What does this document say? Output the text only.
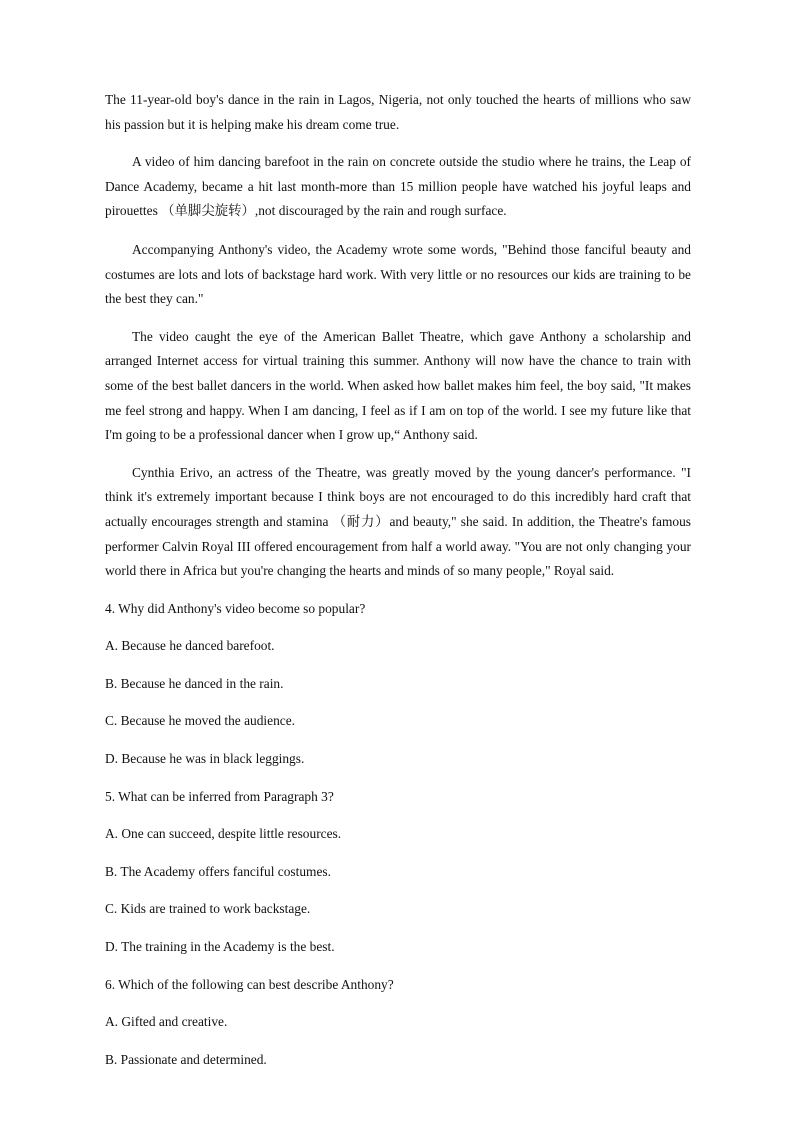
The 11-year-old boy's dance in the rain in Lagos, Nigeria, not only touched the hearts of millions who saw his passion but it is helping make his dream come true.

A video of him dancing barefoot in the rain on concrete outside the studio where he trains, the Leap of Dance Academy, became a hit last month-more than 15 million people have watched his joyful leaps and pirouettes （单脚尖旋转）,not discouraged by the rain and rough surface.

Accompanying Anthony's video, the Academy wrote some words, "Behind those fanciful beauty and costumes are lots and lots of backstage hard work. With very little or no resources our kids are training to be the best they can."

The video caught the eye of the American Ballet Theatre, which gave Anthony a scholarship and arranged Internet access for virtual training this summer. Anthony will now have the chance to train with some of the best ballet dancers in the world. When asked how ballet makes him feel, the boy said, "It makes me feel strong and happy. When I am dancing, I feel as if I am on top of the world. I see my future like that I'm going to be a professional dancer when I grow up,“ Anthony said.

Cynthia Erivo, an actress of the Theatre, was greatly moved by the young dancer's performance. "I think it's extremely important because I think boys are not encouraged to do this incredibly hard craft that actually encourages strength and stamina （耐力）and beauty," she said. In addition, the Theatre's famous performer Calvin Royal III offered encouragement from half a world away. "You are not only changing your world there in Africa but you're changing the hearts and minds of so many people," Royal said.

4. Why did Anthony's video become so popular?

A. Because he danced barefoot.

B. Because he danced in the rain.

C. Because he moved the audience.

D. Because he was in black leggings.

5. What can be inferred from Paragraph 3?

A. One can succeed, despite little resources.

B. The Academy offers fanciful costumes.

C. Kids are trained to work backstage.

D. The training in the Academy is the best.

6. Which of the following can best describe Anthony?

A. Gifted and creative.

B. Passionate and determined.
